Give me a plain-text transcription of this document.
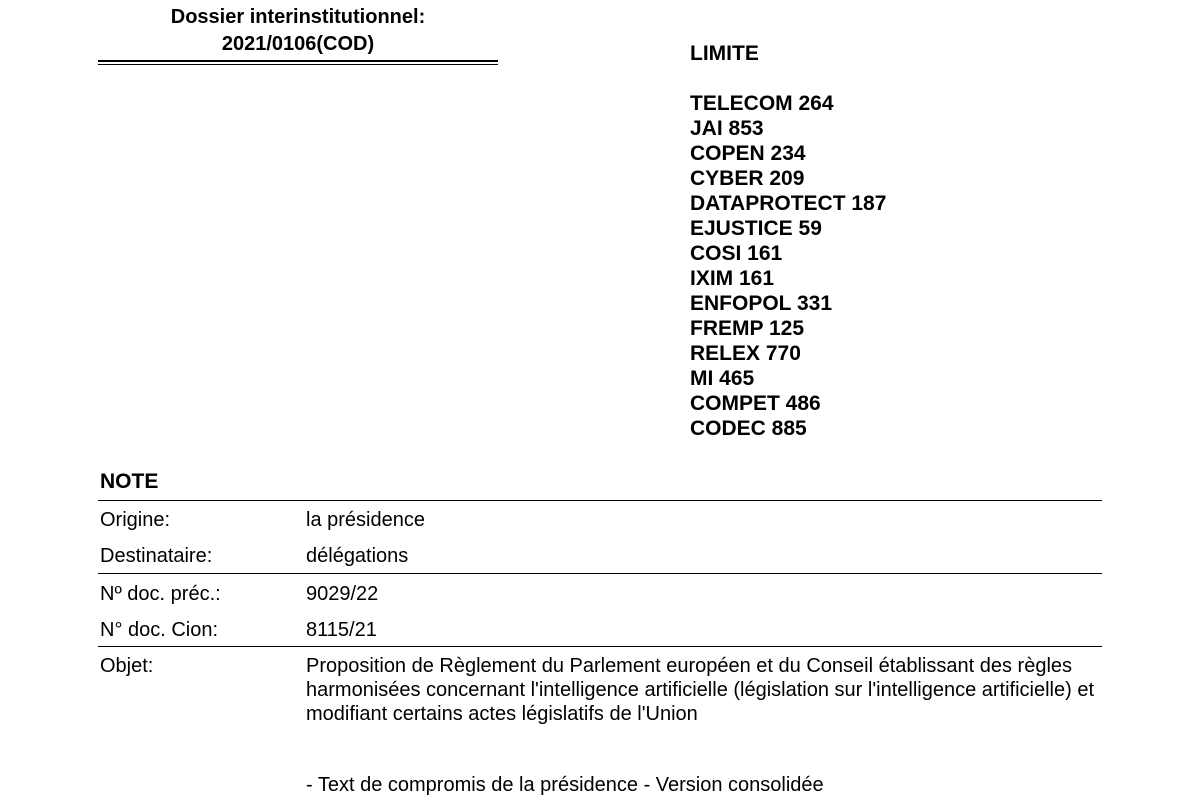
Dossier interinstitutionnel:
2021/0106(COD)	LIMITE
TELECOM 264
JAI 853
COPEN 234
CYBER 209
DATAPROTECT 187
EJUSTICE 59
COSI 161
IXIM 161
ENFOPOL 331
FREMP 125
RELEX 770
MI 465
COMPET 486
CODEC 885
NOTE
Origine:	la présidence
Destinataire:	délégations
Nº doc. préc.:	9029/22
N° doc. Cion:	8115/21
Objet:	Proposition de Règlement du Parlement européen et du Conseil établissant des règles harmonisées concernant l'intelligence artificielle (législation sur l'intelligence artificielle) et modifiant certains actes législatifs de l'Union
- Text de compromis de la présidence - Version consolidée
